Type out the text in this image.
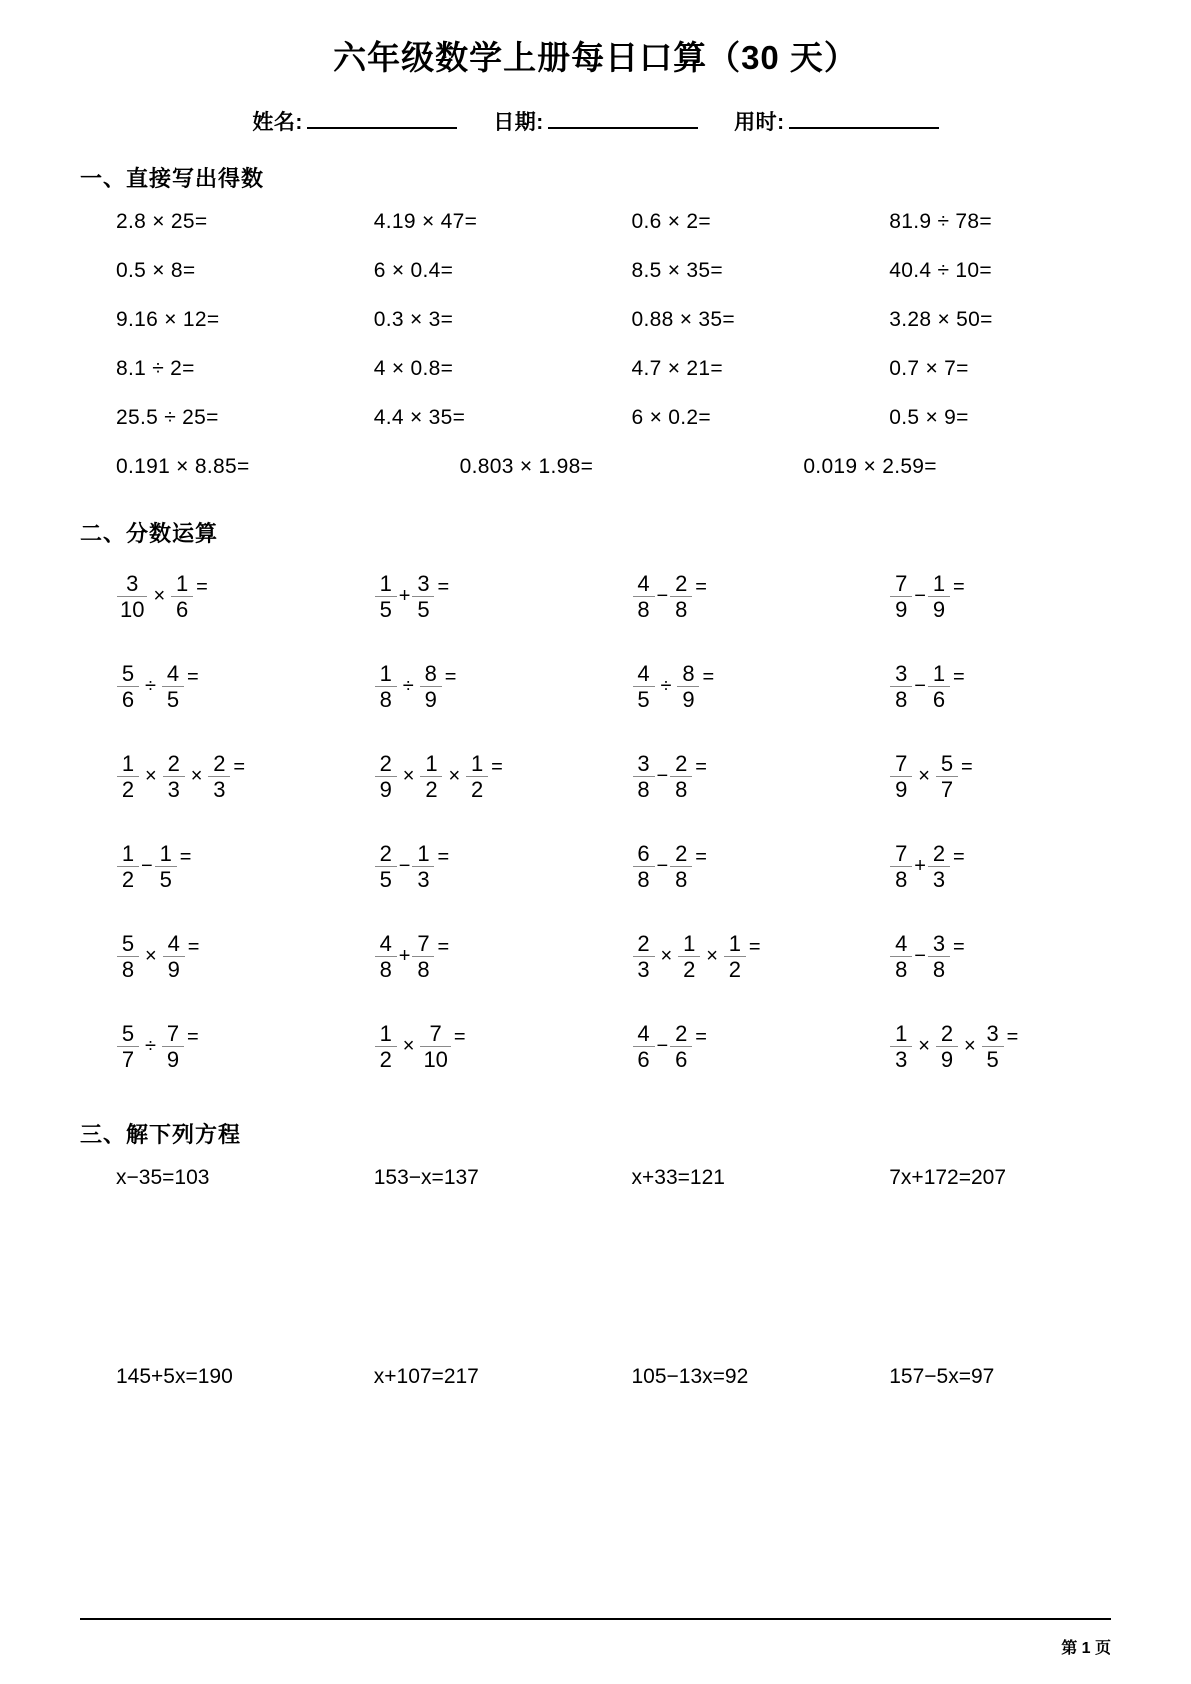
六年级数学上册每日口算（30 天）
姓名:	日期:	用时:
一、直接写出得数
2.8 × 25=	4.19 × 47=	0.6 × 2=	81.9 ÷ 78=
0.5 × 8=	6 × 0.4=	8.5 × 35=	40.4 ÷ 10=
9.16 × 12=	0.3 × 3=	0.88 × 35=	3.28 × 50=
8.1 ÷ 2=	4 × 0.8=	4.7 × 21=	0.7 × 7=
25.5 ÷ 25=	4.4 × 35=	6 × 0.2=	0.5 × 9=
0.191 × 8.85=	0.803 × 1.98=	0.019 × 2.59=
二、分数运算
$\frac{3}{10} \times \frac{1}{6}$ =	$\frac{1}{5} + \frac{3}{5}$ =	$\frac{4}{8} - \frac{2}{8}$ =	$\frac{7}{9} - \frac{1}{9}$ =
$\frac{5}{6} \div \frac{4}{5}$ =	$\frac{1}{8} \div \frac{8}{9}$ =	$\frac{4}{5} \div \frac{8}{9}$ =	$\frac{3}{8} - \frac{1}{6}$ =
$\frac{1}{2} \times \frac{2}{3} \times \frac{2}{3}$ =	$\frac{2}{9} \times \frac{1}{2} \times \frac{1}{2}$ =	$\frac{3}{8} - \frac{2}{8}$ =	$\frac{7}{9} \times \frac{5}{7}$ =
$\frac{1}{2} - \frac{1}{5}$ =	$\frac{2}{5} - \frac{1}{3}$ =	$\frac{6}{8} - \frac{2}{8}$ =	$\frac{7}{8} + \frac{2}{3}$ =
$\frac{5}{8} \times \frac{4}{9}$ =	$\frac{4}{8} + \frac{7}{8}$ =	$\frac{2}{3} \times \frac{1}{2} \times \frac{1}{2}$ =	$\frac{4}{8} - \frac{3}{8}$ =
$\frac{5}{7} \div \frac{7}{9}$ =	$\frac{1}{2} \times \frac{7}{10}$ =	$\frac{4}{6} - \frac{2}{6}$ =	$\frac{1}{3} \times \frac{2}{9} \times \frac{3}{5}$ =
三、解下列方程
x−35=103	153−x=137	x+33=121	7x+172=207
145+5x=190	x+107=217	105−13x=92	157−5x=97
第 1 页
